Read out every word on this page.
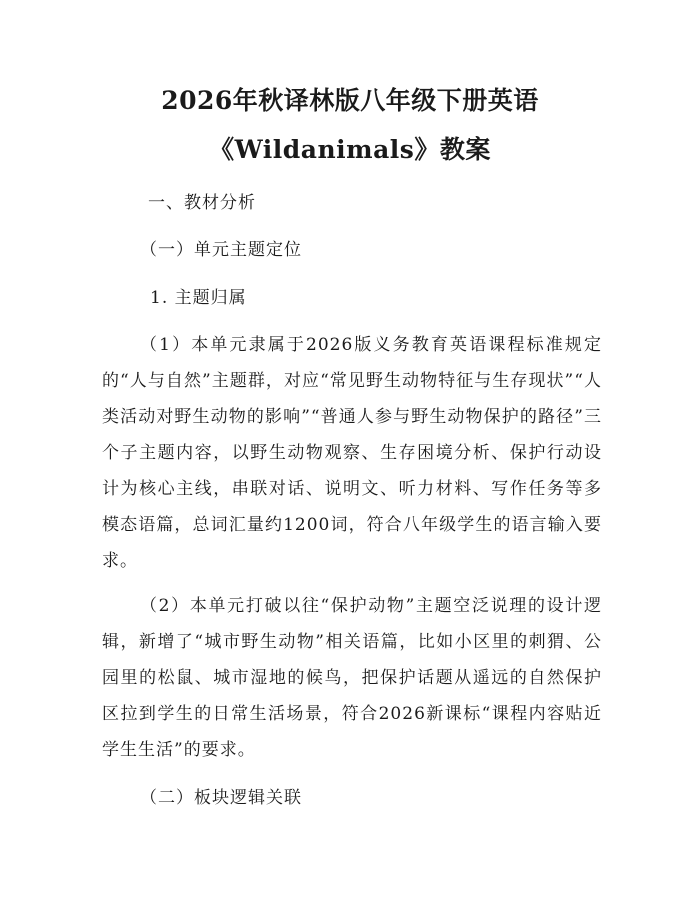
2026年秋译林版八年级下册英语
《Wildanimals》教案
一、教材分析
（一）单元主题定位
1. 主题归属

（1）本单元隶属于2026版义务教育英语课程标准规定的“人与自然”主题群，对应“常见野生动物特征与生存现状”“人类活动对野生动物的影响”“普通人参与野生动物保护的路径”三个子主题内容，以野生动物观察、生存困境分析、保护行动设计为核心主线，串联对话、说明文、听力材料、写作任务等多模态语篇，总词汇量约1200词，符合八年级学生的语言输入要求。

（2）本单元打破以往“保护动物”主题空泛说理的设计逻辑，新增了“城市野生动物”相关语篇，比如小区里的刺猬、公园里的松鼠、城市湿地的候鸟，把保护话题从遥远的自然保护区拉到学生的日常生活场景，符合2026新课标“课程内容贴近学生生活”的要求。

（二）板块逻辑关联
